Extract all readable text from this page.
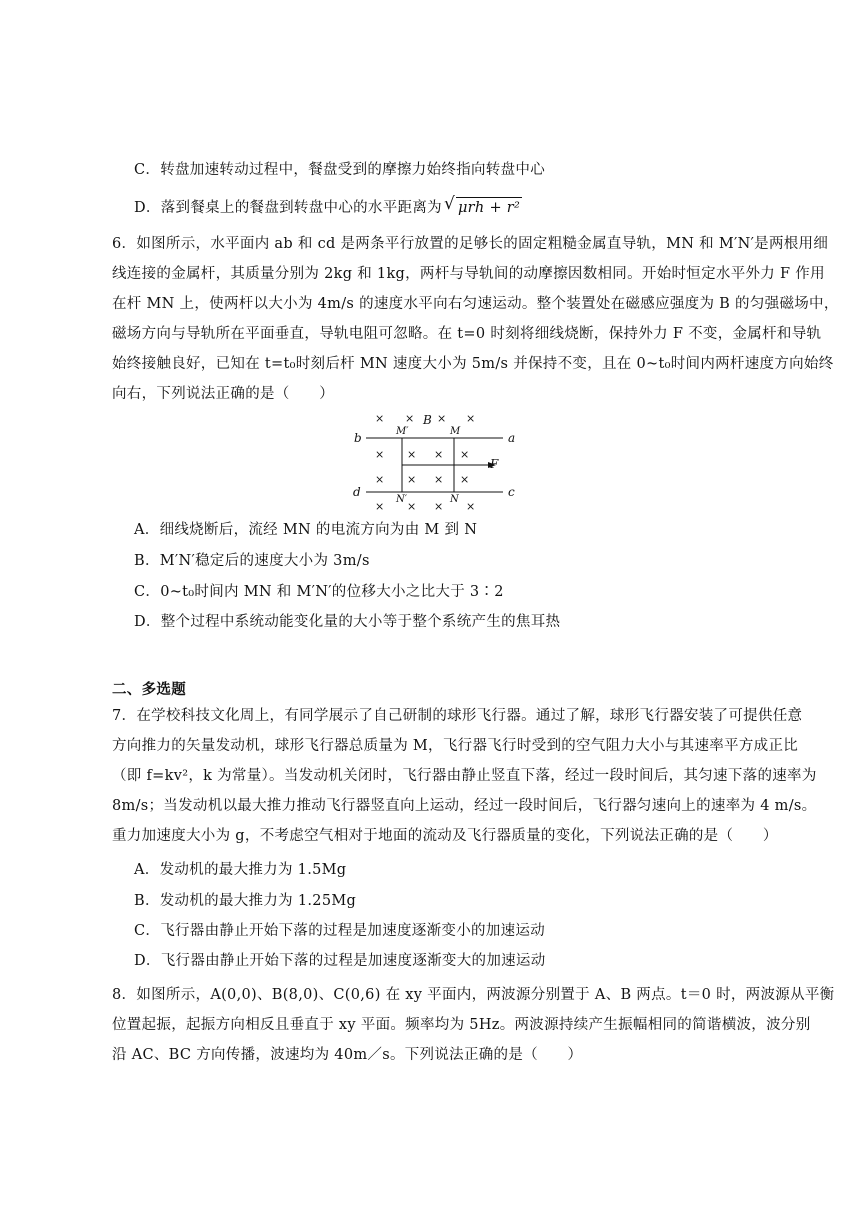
C．转盘加速转动过程中，餐盘受到的摩擦力始终指向转盘中心
D．落到餐桌上的餐盘到转盘中心的水平距离为 √ μrh + r²
6．如图所示，水平面内 ab 和 cd 是两条平行放置的足够长的固定粗糙金属直导轨，MN 和 M′N′是两根用细
线连接的金属杆，其质量分别为 2kg 和 1kg，两杆与导轨间的动摩擦因数相同。开始时恒定水平外力 F 作用
在杆 MN 上，使两杆以大小为 4m/s 的速度水平向右匀速运动。整个装置处在磁感应强度为 B 的匀强磁场中，
磁场方向与导轨所在平面垂直，导轨电阻可忽略。在 t=0 时刻将细线烧断，保持外力 F 不变，金属杆和导轨
始终接触良好，已知在 t=t₀时刻后杆 MN 速度大小为 5m/s 并保持不变，且在 0~t₀时间内两杆速度方向始终
向右，下列说法正确的是（　　）
b	a
d	c
B
M′	M
N′	N
F
× × × ×
× × × ×
× × × ×
× × × ×
A．细线烧断后，流经 MN 的电流方向为由 M 到 N
B．M′N′稳定后的速度大小为 3m/s
C．0~t₀时间内 MN 和 M′N′的位移大小之比大于 3∶2
D．整个过程中系统动能变化量的大小等于整个系统产生的焦耳热
二、多选题
7．在学校科技文化周上，有同学展示了自己研制的球形飞行器。通过了解，球形飞行器安装了可提供任意
方向推力的矢量发动机，球形飞行器总质量为 M，飞行器飞行时受到的空气阻力大小与其速率平方成正比
（即 f=kv²，k 为常量）。当发动机关闭时，飞行器由静止竖直下落，经过一段时间后，其匀速下落的速率为
8m/s；当发动机以最大推力推动飞行器竖直向上运动，经过一段时间后，飞行器匀速向上的速率为 4 m/s。
重力加速度大小为 g，不考虑空气相对于地面的流动及飞行器质量的变化，下列说法正确的是（　　）
A．发动机的最大推力为 1.5Mg
B．发动机的最大推力为 1.25Mg
C．飞行器由静止开始下落的过程是加速度逐渐变小的加速运动
D．飞行器由静止开始下落的过程是加速度逐渐变大的加速运动
8．如图所示，A(0,0)、B(8,0)、C(0,6) 在 xy 平面内，两波源分别置于 A、B 两点。t＝0 时，两波源从平衡
位置起振，起振方向相反且垂直于 xy 平面。频率均为 5Hz。两波源持续产生振幅相同的简谐横波，波分别
沿 AC、BC 方向传播，波速均为 40m／s。下列说法正确的是（　　）
